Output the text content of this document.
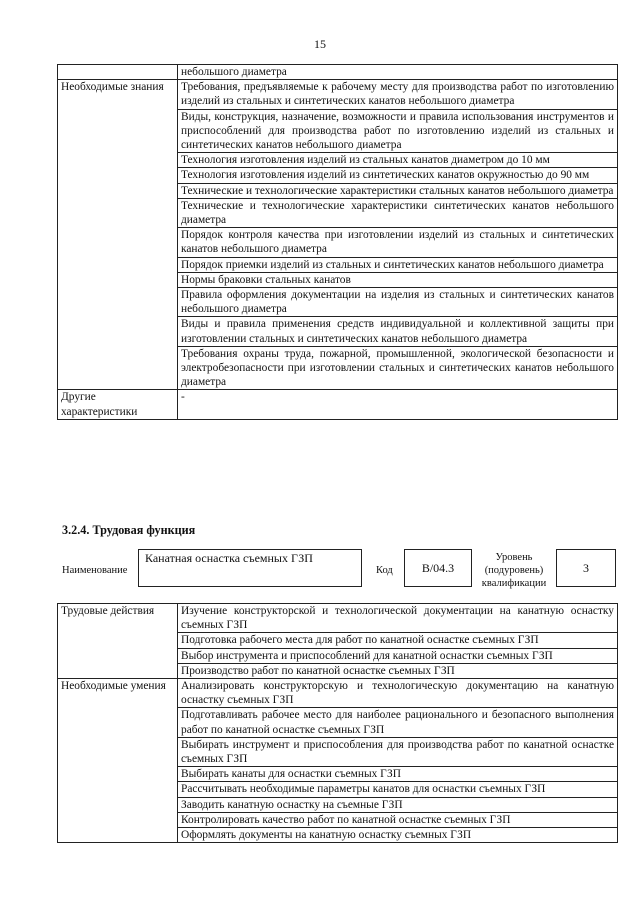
15
	небольшого диаметра
Необходимые знания	Требования, предъявляемые к рабочему месту для производства работ по изготовлению изделий из стальных и синтетических канатов небольшого диаметра
	Виды, конструкция, назначение, возможности и правила использования инструментов и приспособлений для производства работ по изготовлению изделий из стальных и синтетических канатов небольшого диаметра
	Технология изготовления изделий из стальных канатов диаметром до 10 мм
	Технология изготовления изделий из синтетических канатов окружностью до 90 мм
	Технические и технологические характеристики стальных канатов небольшого диаметра
	Технические и технологические характеристики синтетических канатов небольшого диаметра
	Порядок контроля качества при изготовлении изделий из стальных и синтетических канатов небольшого диаметра
	Порядок приемки изделий из стальных и синтетических канатов небольшого диаметра
	Нормы браковки стальных канатов
	Правила оформления документации на изделия из стальных и синтетических канатов небольшого диаметра
	Виды и правила применения средств индивидуальной и коллективной защиты при изготовлении стальных и синтетических канатов небольшого диаметра
	Требования охраны труда, пожарной, промышленной, экологической безопасности и электробезопасности при изготовлении стальных и синтетических канатов небольшого диаметра
Другие характеристики	-
3.2.4. Трудовая функция
Наименование
Канатная оснастка съемных ГЗП
Код	B/04.3
Уровень (подуровень) квалификации
3
Трудовые действия	Изучение конструкторской и технологической документации на канатную оснастку съемных ГЗП
	Подготовка рабочего места для работ по канатной оснастке съемных ГЗП
	Выбор инструмента и приспособлений для канатной оснастки съемных ГЗП
	Производство работ по канатной оснастке съемных ГЗП
Необходимые умения	Анализировать конструкторскую и технологическую документацию на канатную оснастку съемных ГЗП
	Подготавливать рабочее место для наиболее рационального и безопасного выполнения работ по канатной оснастке съемных ГЗП
	Выбирать инструмент и приспособления для производства работ по канатной оснастке съемных ГЗП
	Выбирать канаты для оснастки съемных ГЗП
	Рассчитывать необходимые параметры канатов для оснастки съемных ГЗП
	Заводить канатную оснастку на съемные ГЗП
	Контролировать качество работ по канатной оснастке съемных ГЗП
	Оформлять документы на канатную оснастку съемных ГЗП
